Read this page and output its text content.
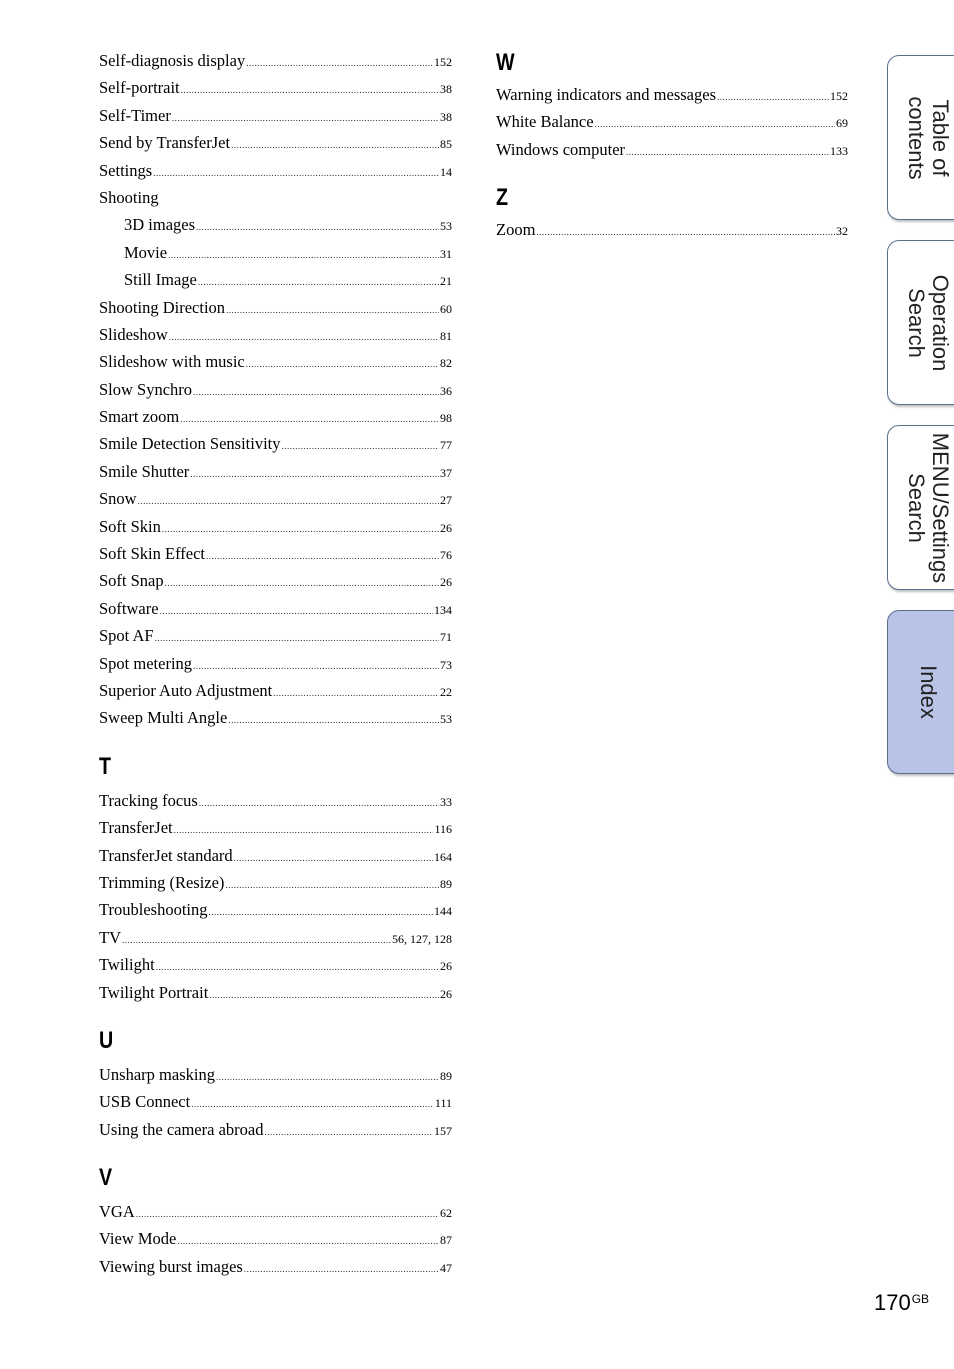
Self-diagnosis display .....	152
Self-portrait .....	38
Self-Timer .....	38
Send by TransferJet .....	85
Settings .....	14
Shooting
3D images .....	53
Movie .....	31
Still Image .....	21
Shooting Direction .....	60
Slideshow .....	81
Slideshow with music .....	82
Slow Synchro .....	36
Smart zoom .....	98
Smile Detection Sensitivity .....	77
Smile Shutter .....	37
Snow .....	27
Soft Skin .....	26
Soft Skin Effect .....	76
Soft Snap .....	26
Software .....	134
Spot AF .....	71
Spot metering .....	73
Superior Auto Adjustment .....	22
Sweep Multi Angle .....	53
T
Tracking focus .....	33
TransferJet .....	116
TransferJet standard .....	164
Trimming (Resize) .....	89
Troubleshooting .....	144
TV .....	56, 127, 128
Twilight .....	26
Twilight Portrait .....	26
U
Unsharp masking .....	89
USB Connect .....	111
Using the camera abroad .....	157
V
VGA .....	62
View Mode .....	87
Viewing burst images .....	47
W
Warning indicators and messages .....	152
White Balance .....	69
Windows computer .....	133
Z
Zoom .....	32
Table of
contents
Operation
Search
MENU/Settings
Search
Index
$170^{GB}$
